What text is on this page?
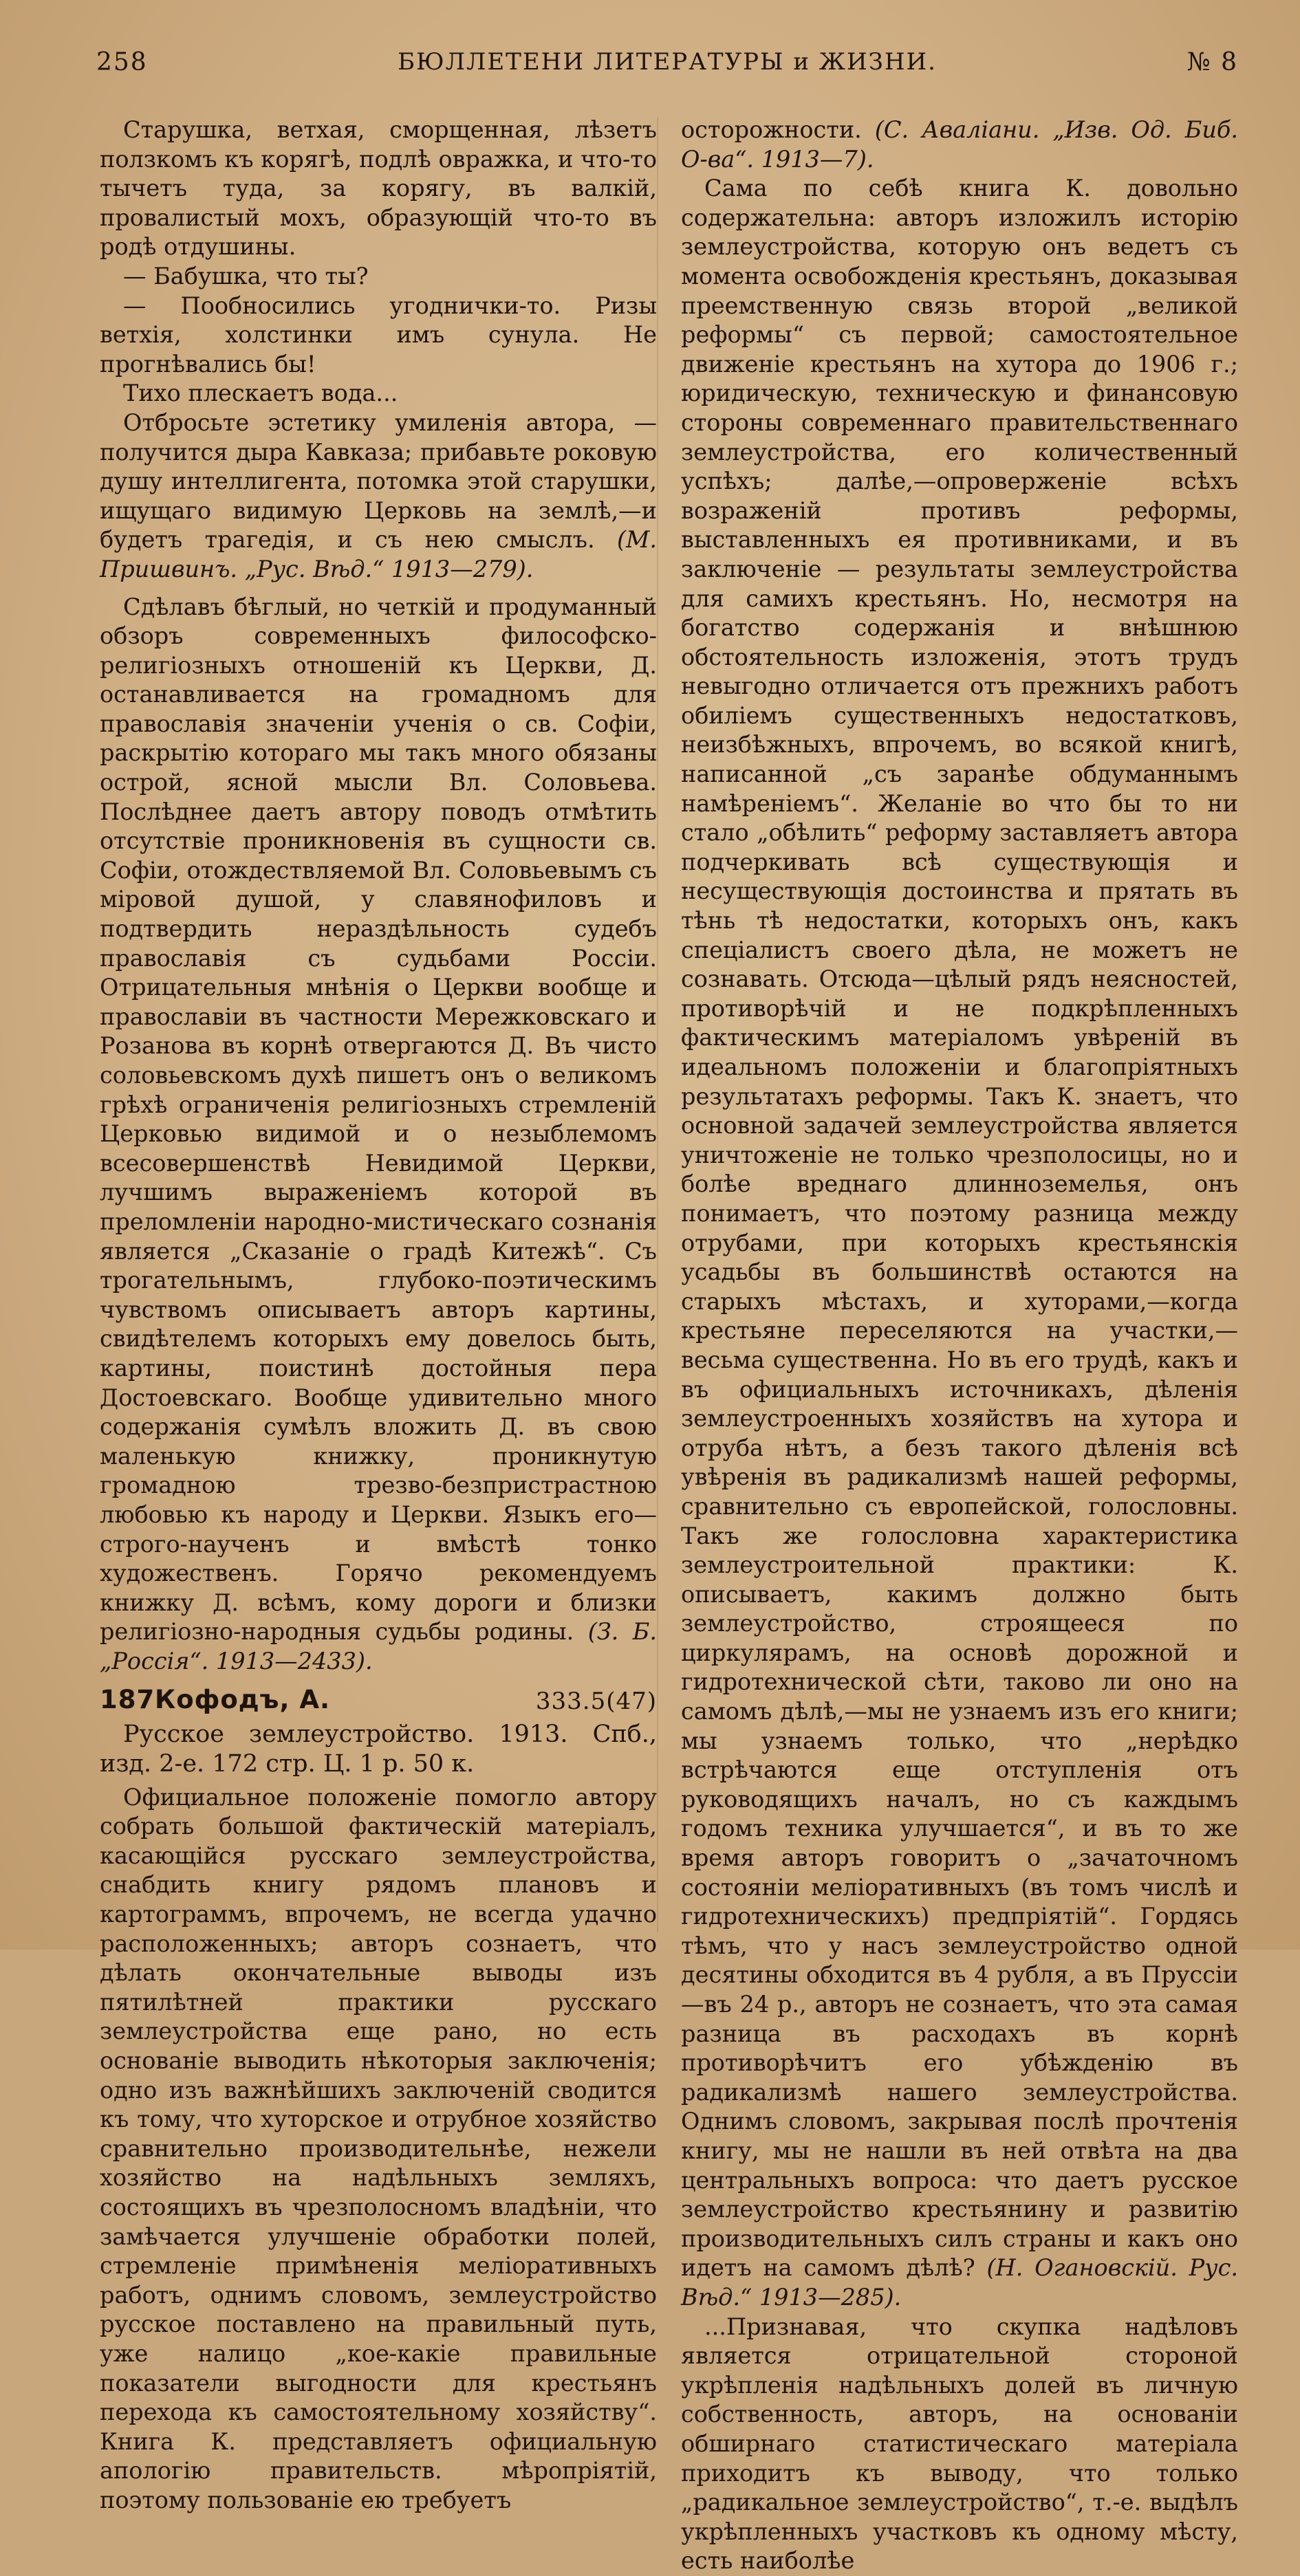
258	БЮЛЛЕТЕНИ ЛИТЕРАТУРЫ и ЖИЗНИ.	№ 8

Старушка, ветхая, сморщенная, лѣзетъ ползкомъ къ корягѣ, подлѣ овражка, и что-то тычетъ туда, за корягу, въ валкій, провалистый мохъ, образующій что-то въ родѣ отдушины.

— Бабушка, что ты?

— Пообносились угоднички-то. Ризы ветхія, холстинки имъ сунула. Не прогнѣвались бы!

Тихо плескаетъ вода...

Отбросьте эстетику умиленія автора, — получится дыра Кавказа; прибавьте роковую душу интеллигента, потомка этой старушки, ищущаго видимую Церковь на землѣ,—и будетъ трагедія, и съ нею смыслъ. (М. Пришвинъ. „Рус. Вѣд.“ 1913—279).

Сдѣлавъ бѣглый, но четкій и продуманный обзоръ современныхъ философско-религіозныхъ отношеній къ Церкви, Д. останавливается на громадномъ для православія значеніи ученія о св. Софіи, раскрытію котораго мы такъ много обязаны острой, ясной мысли Вл. Соловьева. Послѣднее даетъ автору поводъ отмѣтить отсутствіе проникновенія въ сущности св. Софіи, отождествляемой Вл. Соловьевымъ съ міровой душой, у славянофиловъ и подтвердить нераздѣльность судебъ православія съ судьбами Россіи. Отрицательныя мнѣнія о Церкви вообще и православіи въ частности Мережковскаго и Розанова въ корнѣ отвергаются Д. Въ чисто соловьевскомъ духѣ пишетъ онъ о великомъ грѣхѣ ограниченія религіозныхъ стремленій Церковью видимой и о незыблемомъ всесовершенствѣ Невидимой Церкви, лучшимъ выраженіемъ которой въ преломленіи народно-мистическаго сознанія является „Сказаніе о градѣ Китежѣ“. Съ трогательнымъ, глубоко-поэтическимъ чувствомъ описываетъ авторъ картины, свидѣтелемъ которыхъ ему довелось быть, картины, поистинѣ достойныя пера Достоевскаго. Вообще удивительно много содержанія сумѣлъ вложить Д. въ свою маленькую книжку, проникнутую громадною трезво-безпристрастною любовью къ народу и Церкви. Языкъ его—строго-наученъ и вмѣстѣ тонко художественъ. Горячо рекомендуемъ книжку Д. всѣмъ, кому дороги и близки религіозно-народныя судьбы родины. (З. Б. „Россія“. 1913—2433).

187.
Кофодъ, А.	333.5(47)
Русское землеустройство. 1913. Спб., изд. 2-е. 172 стр. Ц. 1 р. 50 к.

Официальное положеніе помогло автору собрать большой фактическій матеріалъ, касающійся русскаго землеустройства, снабдить книгу рядомъ плановъ и картограммъ, впрочемъ, не всегда удачно расположенныхъ; авторъ сознаетъ, что дѣлать окончательные выводы изъ пятилѣтней практики русскаго землеустройства еще рано, но есть основаніе выводить нѣкоторыя заключенія; одно изъ важнѣйшихъ заключеній сводится къ тому, что хуторское и отрубное хозяйство сравнительно производительнѣе, нежели хозяйство на надѣльныхъ земляхъ, состоящихъ въ чрезполосномъ владѣніи, что замѣчается улучшеніе обработки полей, стремленіе примѣненія меліоративныхъ работъ, однимъ словомъ, землеустройство русское поставлено на правильный путь, уже налицо „кое-какіе правильные показатели выгодности для крестьянъ перехода къ самостоятельному хозяйству“. Книга К. представляетъ официальную апологію правительств. мѣропріятій, поэтому пользованіе ею требуетъ

осторожности. (С. Авалiани. „Изв. Од. Биб. О-ва“. 1913—7).

Сама по себѣ книга К. довольно содержательна: авторъ изложилъ исторію землеустройства, которую онъ ведетъ съ момента освобожденія крестьянъ, доказывая преемственную связь второй „великой реформы“ съ первой; самостоятельное движеніе крестьянъ на хутора до 1906 г.; юридическую, техническую и финансовую стороны современнаго правительственнаго землеустройства, его количественный успѣхъ; далѣе,—опроверженіе всѣхъ возраженій противъ реформы, выставленныхъ ея противниками, и въ заключеніе — результаты землеустройства для самихъ крестьянъ. Но, несмотря на богатство содержанія и внѣшнюю обстоятельность изложенія, этотъ трудъ невыгодно отличается отъ прежнихъ работъ обиліемъ существенныхъ недостатковъ, неизбѣжныхъ, впрочемъ, во всякой книгѣ, написанной „съ заранѣе обдуманнымъ намѣреніемъ“. Желаніе во что бы то ни стало „обѣлить“ реформу заставляетъ автора подчеркивать всѣ существующія и несуществующія достоинства и прятать въ тѣнь тѣ недостатки, которыхъ онъ, какъ спеціалистъ своего дѣла, не можетъ не сознавать. Отсюда—цѣлый рядъ неясностей, противорѣчій и не подкрѣпленныхъ фактическимъ матеріаломъ увѣреній въ идеальномъ положеніи и благопріятныхъ результатахъ реформы. Такъ К. знаетъ, что основной задачей землеустройства является уничтоженіе не только чрезполосицы, но и болѣе вреднаго длинноземелья, онъ понимаетъ, что поэтому разница между отрубами, при которыхъ крестьянскія усадьбы въ большинствѣ остаются на старыхъ мѣстахъ, и хуторами,—когда крестьяне переселяются на участки,—весьма существенна. Но въ его трудѣ, какъ и въ официальныхъ источникахъ, дѣленія землеустроенныхъ хозяйствъ на хутора и отруба нѣтъ, а безъ такого дѣленія всѣ увѣренія въ радикализмѣ нашей реформы, сравнительно съ европейской, голословны. Такъ же голословна характеристика землеустроительной практики: К. описываетъ, какимъ должно быть землеустройство, строящееся по циркулярамъ, на основѣ дорожной и гидротехнической сѣти, таково ли оно на самомъ дѣлѣ,—мы не узнаемъ изъ его книги; мы узнаемъ только, что „нерѣдко встрѣчаются еще отступленія отъ руководящихъ началъ, но съ каждымъ годомъ техника улучшается“, и въ то же время авторъ говоритъ о „зачаточномъ состояніи меліоративныхъ (въ томъ числѣ и гидротехническихъ) предпріятій“. Гордясь тѣмъ, что у насъ землеустройство одной десятины обходится въ 4 рубля, а въ Пруссіи—въ 24 р., авторъ не сознаетъ, что эта самая разница въ расходахъ въ корнѣ противорѣчитъ его убѣжденію въ радикализмѣ нашего землеустройства. Однимъ словомъ, закрывая послѣ прочтенія книгу, мы не нашли въ ней отвѣта на два центральныхъ вопроса: что даетъ русское землеустройство крестьянину и развитію производительныхъ силъ страны и какъ оно идетъ на самомъ дѣлѣ? (Н. Огановскій. Рус. Вѣд.“ 1913—285).

...Признавая, что скупка надѣловъ является отрицательной стороной укрѣпленія надѣльныхъ долей въ личную собственность, авторъ, на основаніи обширнаго статистическаго матеріала приходитъ къ выводу, что только „радикальное землеустройство“, т.-е. выдѣлъ укрѣпленныхъ участковъ къ одному мѣсту, есть наиболѣе
